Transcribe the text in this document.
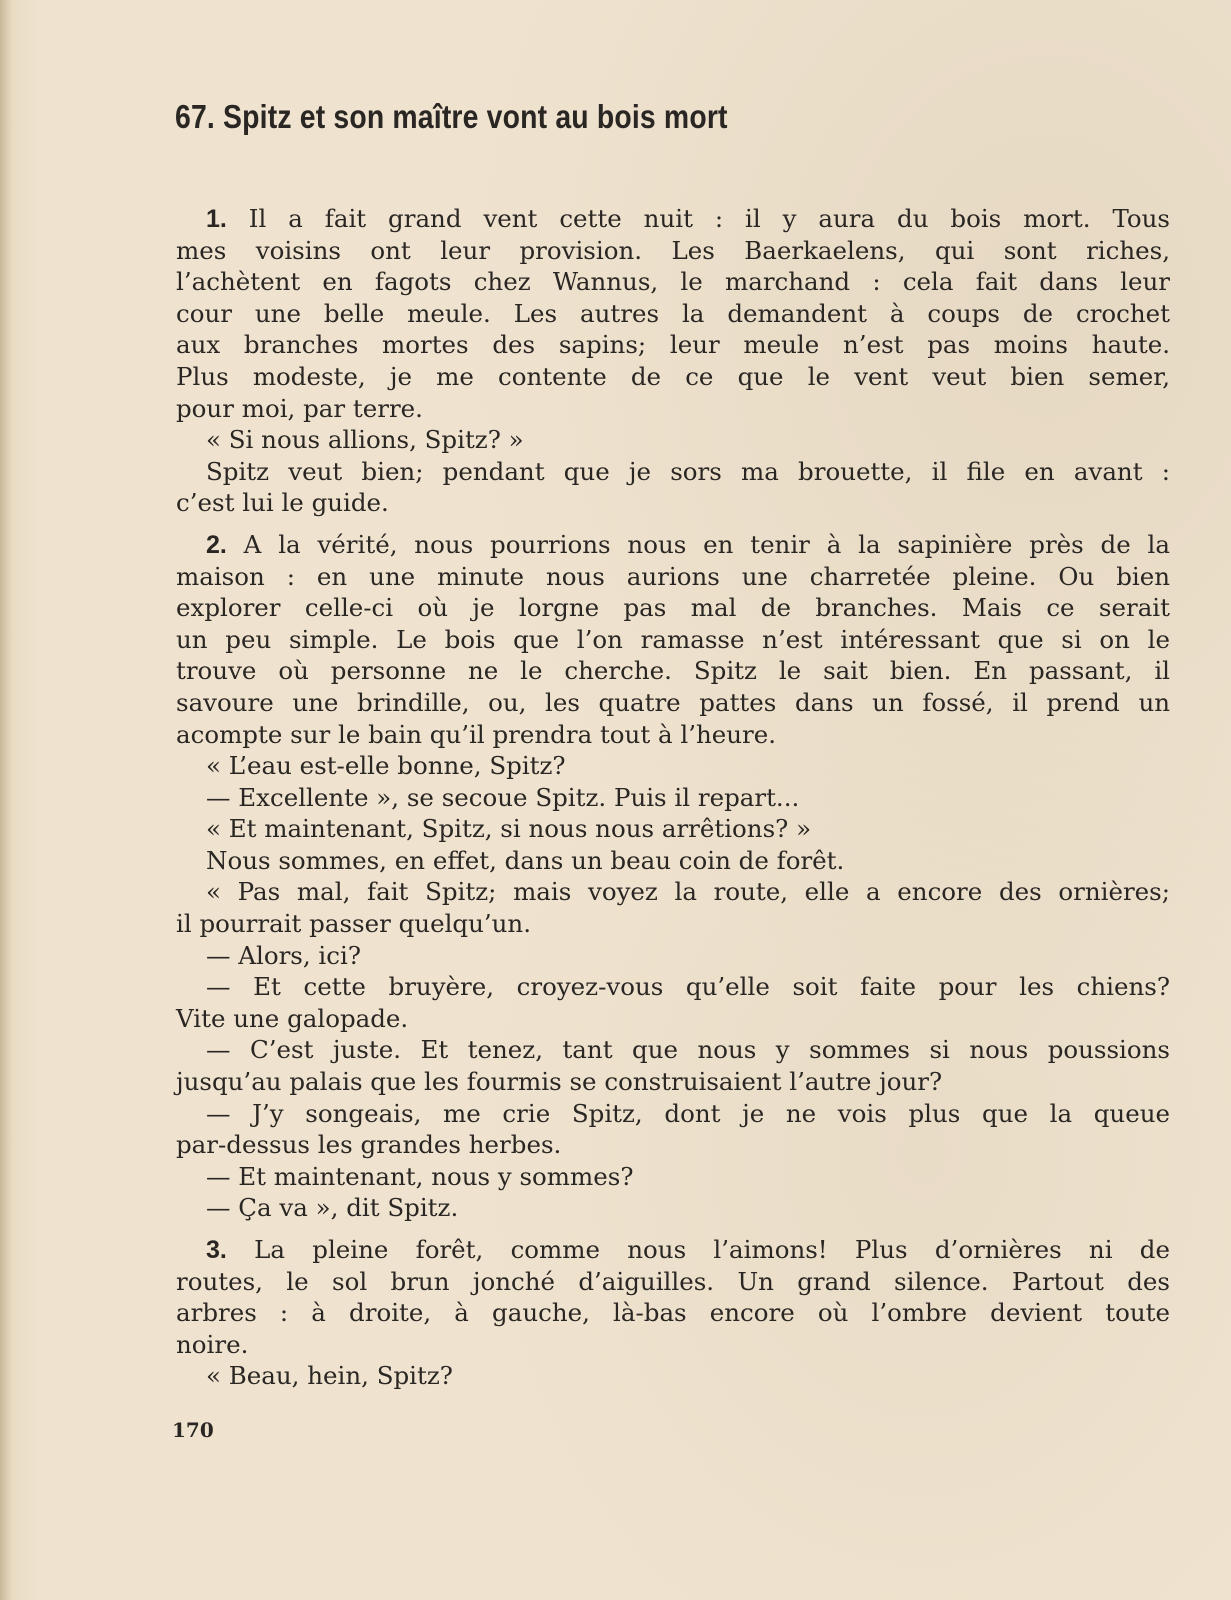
67. Spitz et son maître vont au bois mort
1. Il a fait grand vent cette nuit : il y aura du bois mort. Tous
mes voisins ont leur provision. Les Baerkaelens, qui sont riches,
l’achètent en fagots chez Wannus, le marchand : cela fait dans leur
cour une belle meule. Les autres la demandent à coups de crochet
aux branches mortes des sapins; leur meule n’est pas moins haute.
Plus modeste, je me contente de ce que le vent veut bien semer,
pour moi, par terre.
« Si nous allions, Spitz? »
Spitz veut bien; pendant que je sors ma brouette, il file en avant :
c’est lui le guide.
2. A la vérité, nous pourrions nous en tenir à la sapinière près de la
maison : en une minute nous aurions une charretée pleine. Ou bien
explorer celle-ci où je lorgne pas mal de branches. Mais ce serait
un peu simple. Le bois que l’on ramasse n’est intéressant que si on le
trouve où personne ne le cherche. Spitz le sait bien. En passant, il
savoure une brindille, ou, les quatre pattes dans un fossé, il prend un
acompte sur le bain qu’il prendra tout à l’heure.
« L’eau est-elle bonne, Spitz?
— Excellente », se secoue Spitz. Puis il repart...
« Et maintenant, Spitz, si nous nous arrêtions? »
Nous sommes, en effet, dans un beau coin de forêt.
« Pas mal, fait Spitz; mais voyez la route, elle a encore des ornières;
il pourrait passer quelqu’un.
— Alors, ici?
— Et cette bruyère, croyez-vous qu’elle soit faite pour les chiens?
Vite une galopade.
— C’est juste. Et tenez, tant que nous y sommes si nous poussions
jusqu’au palais que les fourmis se construisaient l’autre jour?
— J’y songeais, me crie Spitz, dont je ne vois plus que la queue
par-dessus les grandes herbes.
— Et maintenant, nous y sommes?
— Ça va », dit Spitz.
3. La pleine forêt, comme nous l’aimons! Plus d’ornières ni de
routes, le sol brun jonché d’aiguilles. Un grand silence. Partout des
arbres : à droite, à gauche, là-bas encore où l’ombre devient toute
noire.
« Beau, hein, Spitz?
170
